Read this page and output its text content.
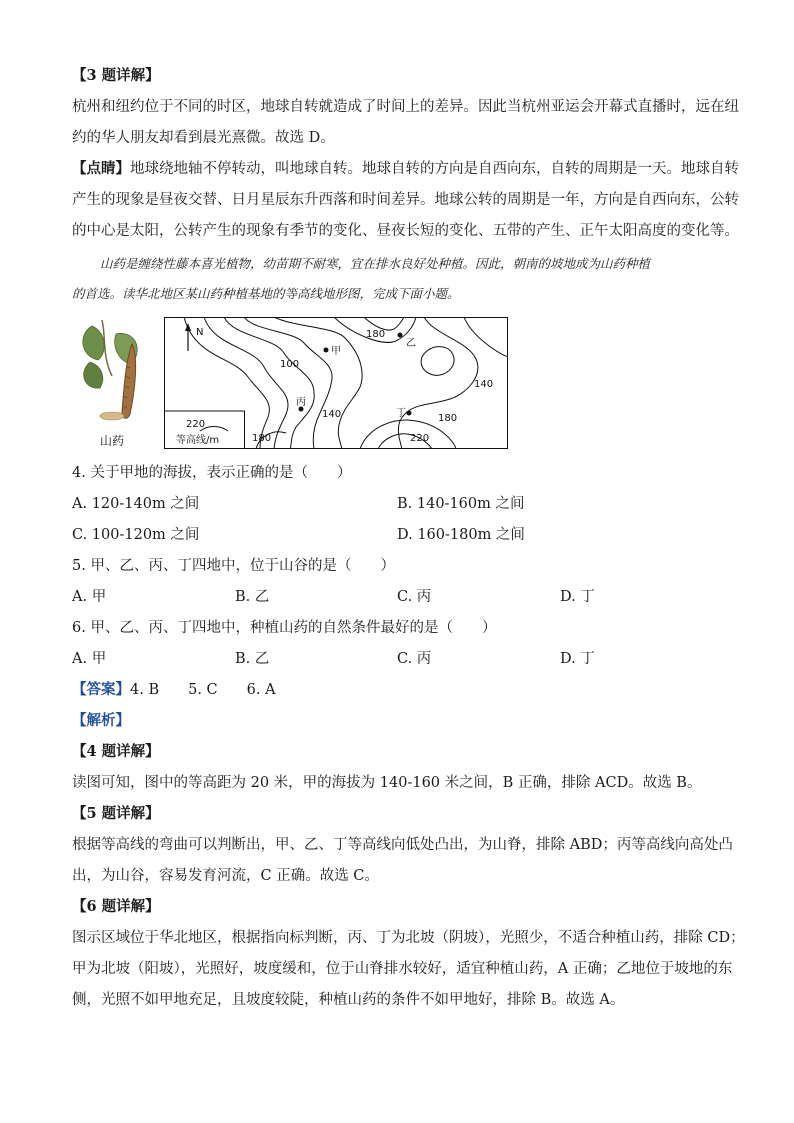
【3 题详解】
杭州和纽约位于不同的时区，地球自转就造成了时间上的差异。因此当杭州亚运会开幕式直播时，远在纽
约的华人朋友却看到晨光熹微。故选 D。
【点睛】地球绕地轴不停转动，叫地球自转。地球自转的方向是自西向东，自转的周期是一天。地球自转
产生的现象是昼夜交替、日月星辰东升西落和时间差异。地球公转的周期是一年，方向是自西向东，公转
的中心是太阳，公转产生的现象有季节的变化、昼夜长短的变化、五带的产生、正午太阳高度的变化等。
山药是缠绕性藤本喜光植物，幼苗期不耐寒，宜在排水良好处种植。因此，朝南的坡地成为山药种植
的首选。读华北地区某山药种植基地的等高线地形图，完成下面小题。
山药
N
220
等高线/m
180
100
140
140
180
180	220
甲
乙
丙
丁
4. 关于甲地的海拔，表示正确的是（　　）
A. 120-140m 之间	B. 140-160m 之间
C. 100-120m 之间	D. 160-180m 之间
5. 甲、乙、丙、丁四地中，位于山谷的是（　　）
A. 甲	B. 乙	C. 丙	D. 丁
6. 甲、乙、丙、丁四地中，种植山药的自然条件最好的是（　　）
A. 甲	B. 乙	C. 丙	D. 丁
【答案】4. B　　5. C　　6. A
【解析】
【4 题详解】
读图可知，图中的等高距为 20 米，甲的海拔为 140-160 米之间，B 正确，排除 ACD。故选 B。
【5 题详解】
根据等高线的弯曲可以判断出，甲、乙、丁等高线向低处凸出，为山脊，排除 ABD；丙等高线向高处凸
出，为山谷，容易发育河流，C 正确。故选 C。
【6 题详解】
图示区域位于华北地区，根据指向标判断，丙、丁为北坡（阴坡），光照少，不适合种植山药，排除 CD；
甲为北坡（阳坡），光照好，坡度缓和，位于山脊排水较好，适宜种植山药，A 正确；乙地位于坡地的东
侧，光照不如甲地充足，且坡度较陡，种植山药的条件不如甲地好，排除 B。故选 A。
